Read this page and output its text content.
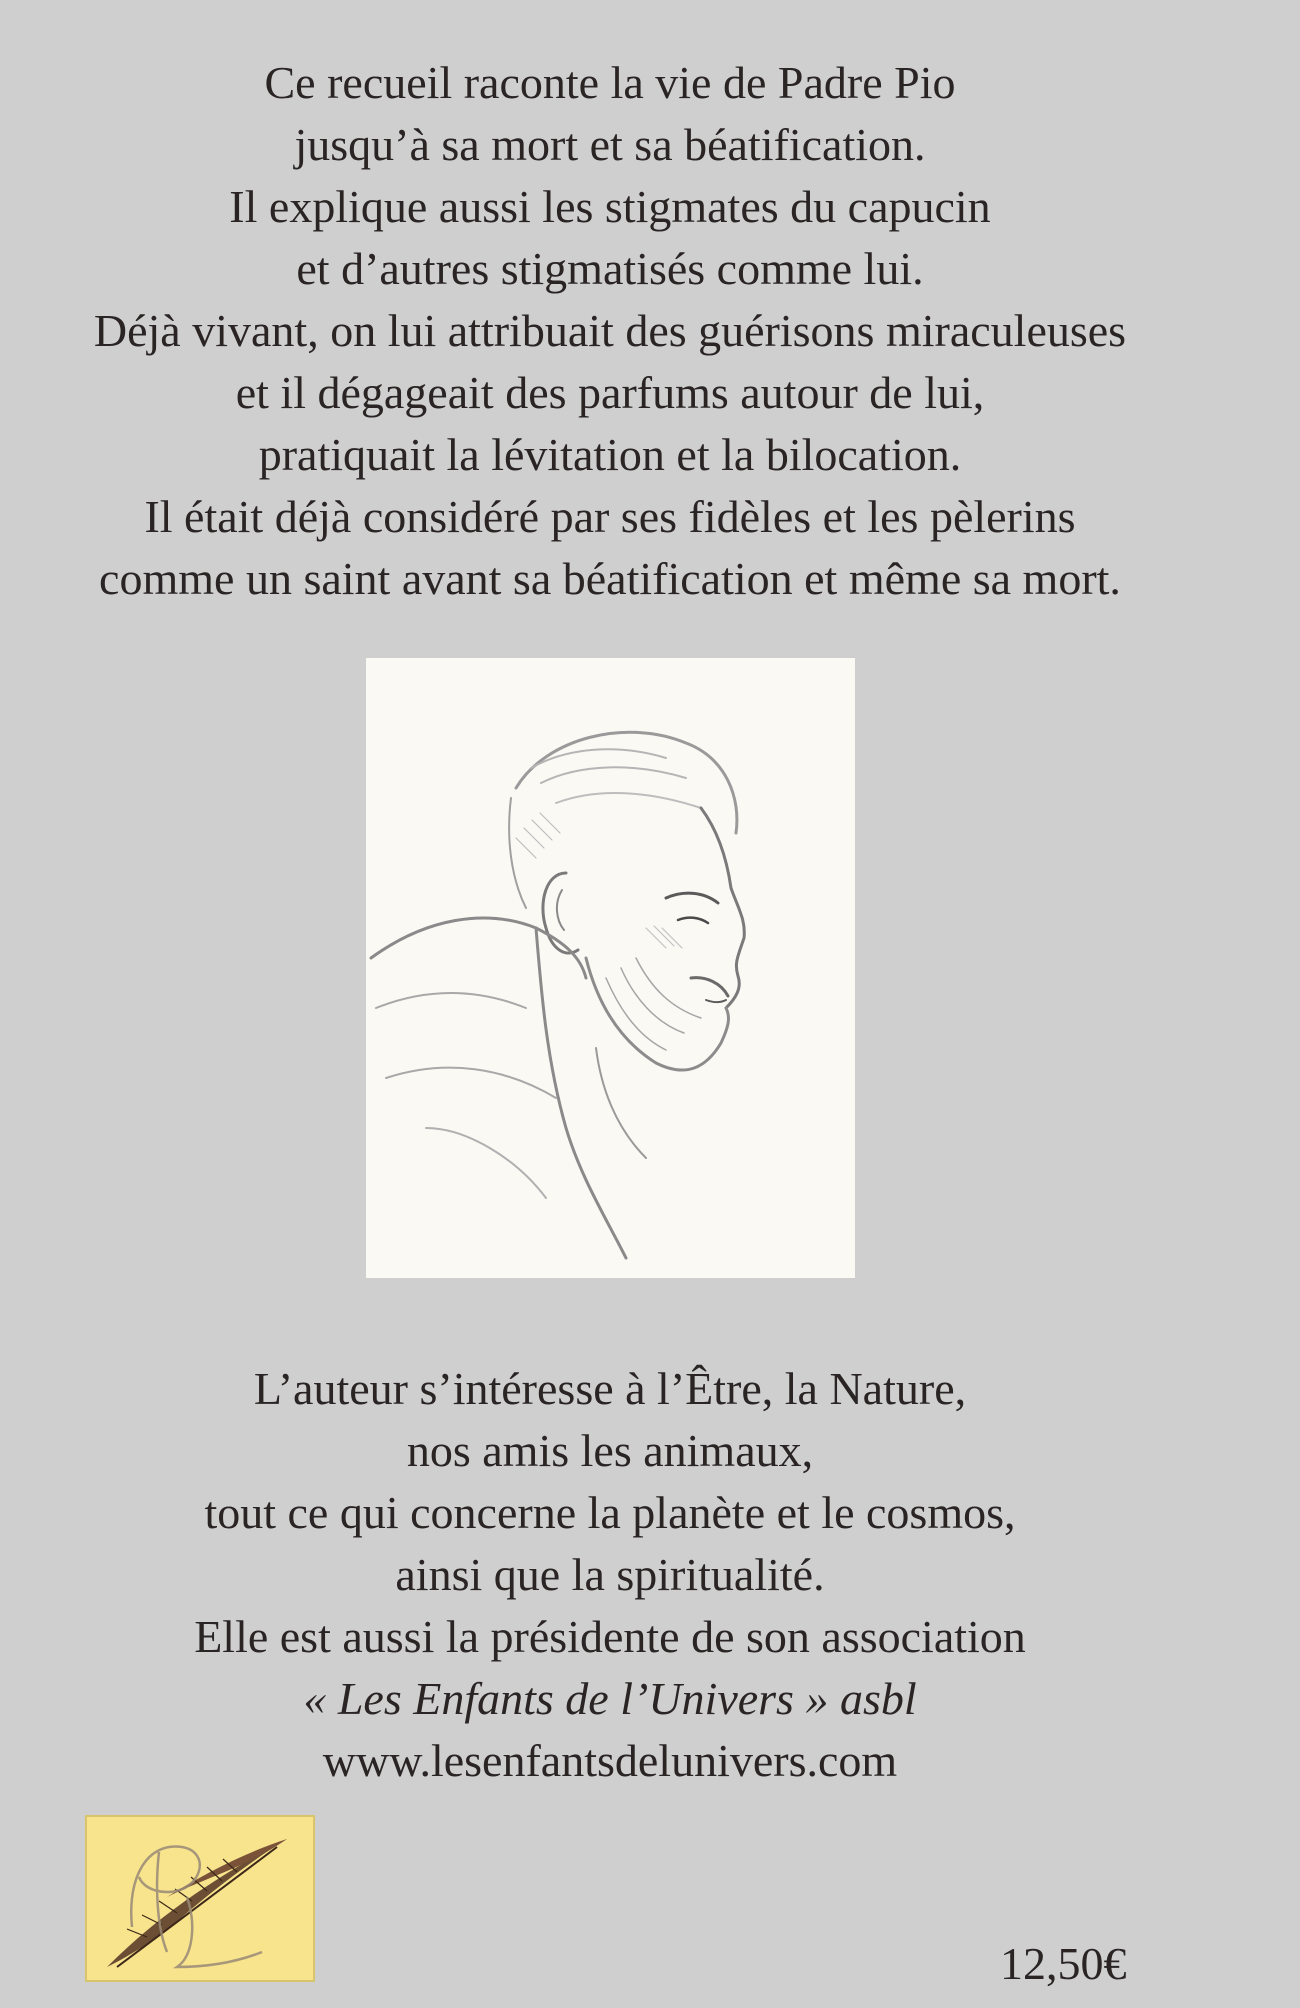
Ce recueil raconte la vie de Padre Pio
jusqu’à sa mort et sa béatification.
Il explique aussi les stigmates du capucin
et d’autres stigmatisés comme lui.
Déjà vivant, on lui attribuait des guérisons miraculeuses
et il dégageait des parfums autour de lui,
pratiquait la lévitation et la bilocation.
Il était déjà considéré par ses fidèles et les pèlerins
comme un saint avant sa béatification et même sa mort.
L’auteur s’intéresse à l’Être, la Nature,
nos amis les animaux,
tout ce qui concerne la planète et le cosmos,
ainsi que la spiritualité.
Elle est aussi la présidente de son association
« Les Enfants de l’Univers » asbl
www.lesenfantsdelunivers.com
12,50€
